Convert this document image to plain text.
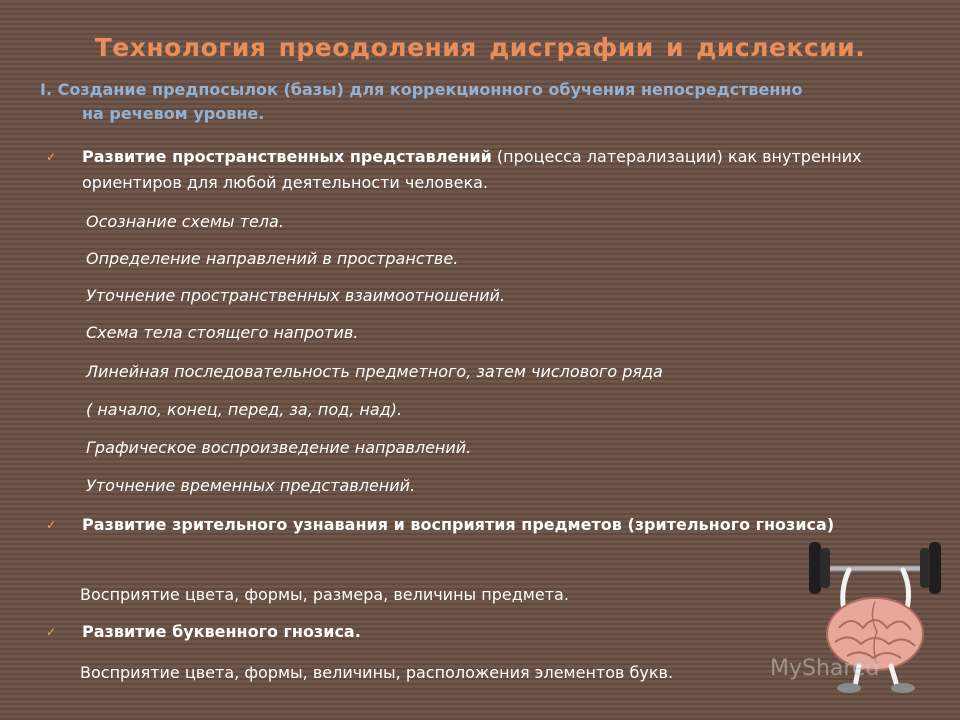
Технология преодоления дисграфии и дислексии.
I. Создание предпосылок (базы) для коррекционного обучения непосредственно
на речевом уровне.
✓	Развитие пространственных представлений (процесса латерализации) как внутренних ориентиров для любой деятельности человека.
Осознание схемы тела.
Определение направлений в пространстве.
Уточнение пространственных взаимоотношений.
Схема тела стоящего напротив.
Линейная последовательность предметного, затем числового ряда
( начало, конец, перед, за, под, над).
Графическое воспроизведение направлений.
Уточнение временных представлений.
✓	Развитие зрительного узнавания и восприятия предметов (зрительного гнозиса)
Восприятие цвета, формы, размера, величины предмета.
✓	Развитие буквенного гнозиса.
Восприятие цвета, формы, величины, расположения элементов букв.	MyShared
